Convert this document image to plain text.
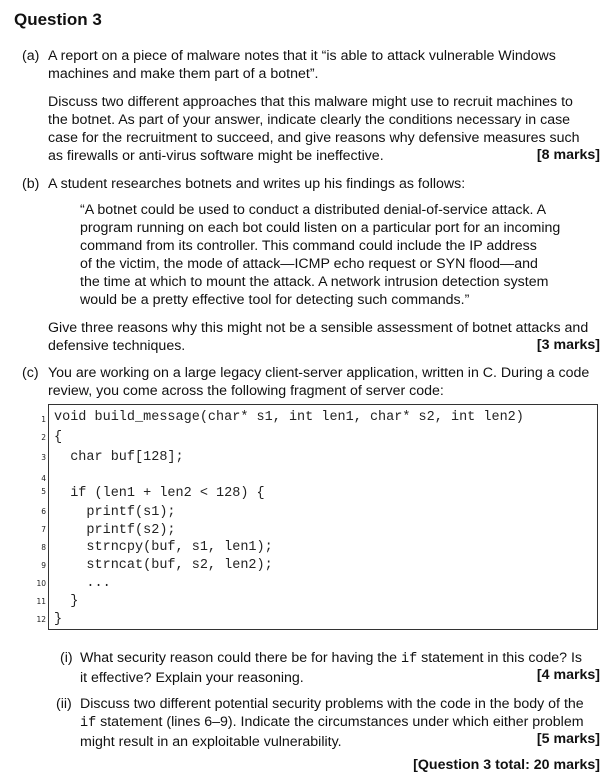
Question 3
(a) A report on a piece of malware notes that it “is able to attack vulnerable Windows
machines and make them part of a botnet”.
Discuss two different approaches that this malware might use to recruit machines to
the botnet. As part of your answer, indicate clearly the conditions necessary in case
case for the recruitment to succeed, and give reasons why defensive measures such
as firewalls or anti-virus software might be ineffective.	[8 marks]
(b) A student researches botnets and writes up his findings as follows:
“A botnet could be used to conduct a distributed denial-of-service attack. A
program running on each bot could listen on a particular port for an incoming
command from its controller. This command could include the IP address
of the victim, the mode of attack—ICMP echo request or SYN flood—and
the time at which to mount the attack. A network intrusion detection system
would be a pretty effective tool for detecting such commands.”
Give three reasons why this might not be a sensible assessment of botnet attacks and
defensive techniques.	[3 marks]
(c) You are working on a large legacy client-server application, written in C. During a code
review, you come across the following fragment of server code:
1 void build_message(char* s1, int len1, char* s2, int len2)
2 {
3 char buf[128];
4
5 if (len1 + len2 < 128) {
6 printf(s1);
7 printf(s2);
8 strncpy(buf, s1, len1);
9 strncat(buf, s2, len2);
10 ...
11 }
12 }
(i) What security reason could there be for having the if statement in this code? Is
it effective? Explain your reasoning.	[4 marks]
(ii) Discuss two different potential security problems with the code in the body of the
if statement (lines 6–9). Indicate the circumstances under which either problem
might result in an exploitable vulnerability.	[5 marks]
[Question 3 total: 20 marks]
